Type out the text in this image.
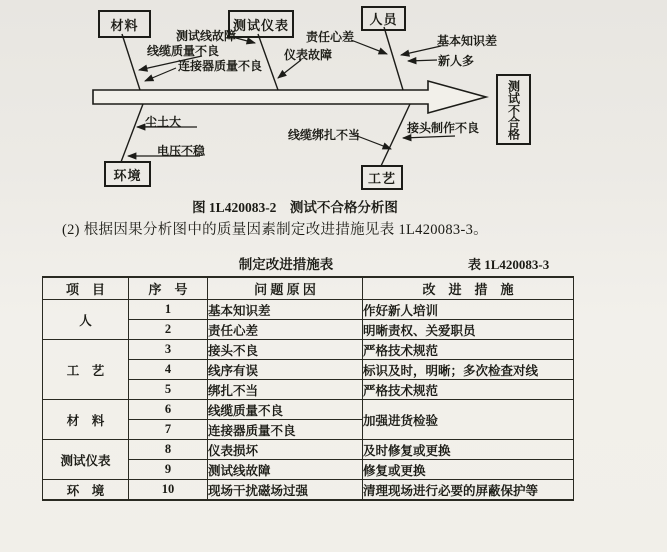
材料	测试仪表	人员
环境	工艺
测试不合格
测试线故障
线缆质量不良
连接器质量不良
仪表故障
责任心差	基本知识差
新人多
尘土大
电压不稳
线缆绑扎不当	接头制作不良
图 1L420083-2　测试不合格分析图
(2) 根据因果分析图中的质量因素制定改进措施见表 1L420083-3。
制定改进措施表	表 1L420083-3
项　目	序　号	问 题 原 因	改　进　措　施
人	1	基本知识差	作好新人培训
	2	责任心差	明晰责权、关爱职员
工　艺	3	接头不良	严格技术规范
	4	线序有误	标识及时，明晰；多次检查对线
	5	绑扎不当	严格技术规范
材　料	6	线缆质量不良	加强进货检验
	7	连接器质量不良	
测试仪表	8	仪表损坏	及时修复或更换
	9	测试线故障	修复或更换
环　境	10	现场干扰磁场过强	清理现场进行必要的屏蔽保护等
